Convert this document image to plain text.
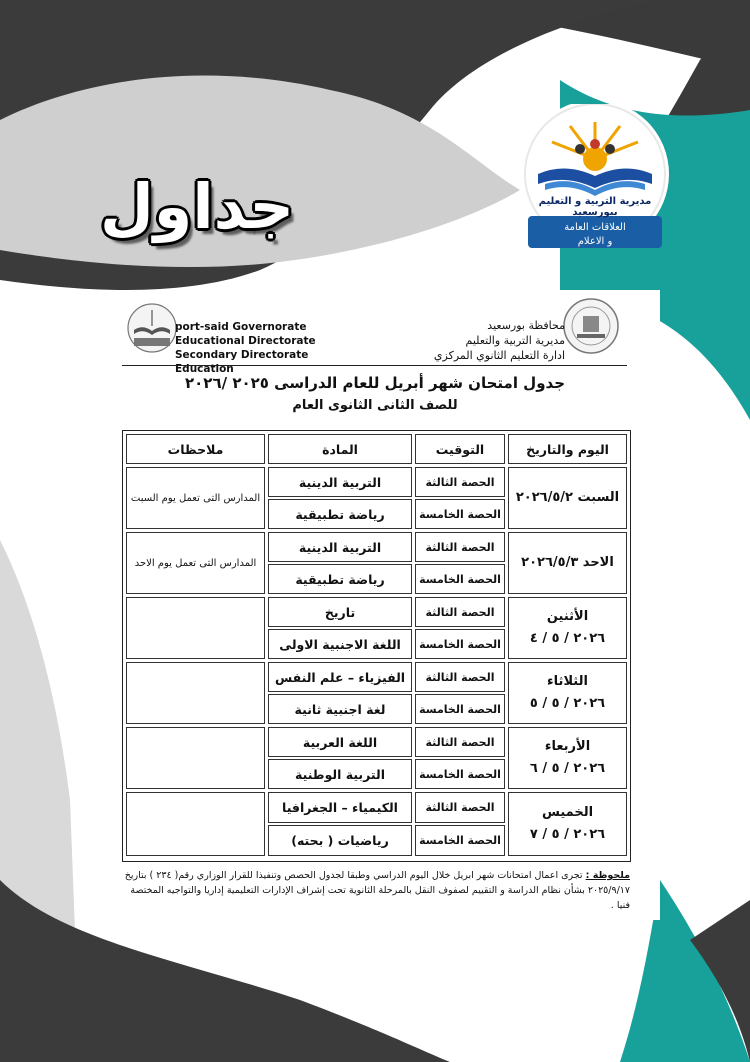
مديرية التربية و التعليم ببورسعيد
العلاقات العامة
و الاعلام
جداول
محافظة بورسعيد
مديرية التربية والتعليم
ادارة التعليم الثانوي المركزي
port-said Governorate
Educational Directorate
Secondary Directorate Education
جدول امتحان شهر أبريل للعام الدراسى ٢٠٢٥ /٢٠٢٦
للصف الثانى الثانوى العام
اليوم والتاريخ
التوقيت
المادة
ملاحظات
السبت ٢٠٢٦/٥/٢
الحصة الثالثة
الحصة الخامسة
التربية الدينية
رياضة تطبيقية
المدارس التى تعمل يوم السبت
الاحد ٢٠٢٦/٥/٣
الحصة الثالثة
الحصة الخامسة
التربية الدينية
رياضة تطبيقية
المدارس التى تعمل يوم الاحد
الأثنين
٢٠٢٦ / ٥ / ٤
الحصة الثالثة
الحصة الخامسة
تاريخ
اللغة الاجنبية الاولى
الثلاثاء
٢٠٢٦ / ٥ / ٥
الحصة الثالثة
الحصة الخامسة
الفيزياء – علم النفس
لغة اجنبية ثانية
الأربعاء
٢٠٢٦ / ٥ / ٦
الحصة الثالثة
الحصة الخامسة
اللغة العربية
التربية الوطنية
الخميس
٢٠٢٦ / ٥ / ٧
الحصة الثالثة
الحصة الخامسة
الكيمياء – الجغرافيا
رياضيات ( بحته)
ملحوظة : تجرى اعمال امتحانات شهر ابريل خلال اليوم الدراسي وطبقا لجدول الحصص وتنفيذا للقرار الوزاري رقم( ٢٣٤ ) بتاريخ ٢٠٢٥/٩/١٧ بشأن نظام الدراسة و التقييم لصفوف النقل بالمرحلة الثانوية تحت إشراف الإدارات التعليمية إداريا والتواجيه المختصة فنيا .
